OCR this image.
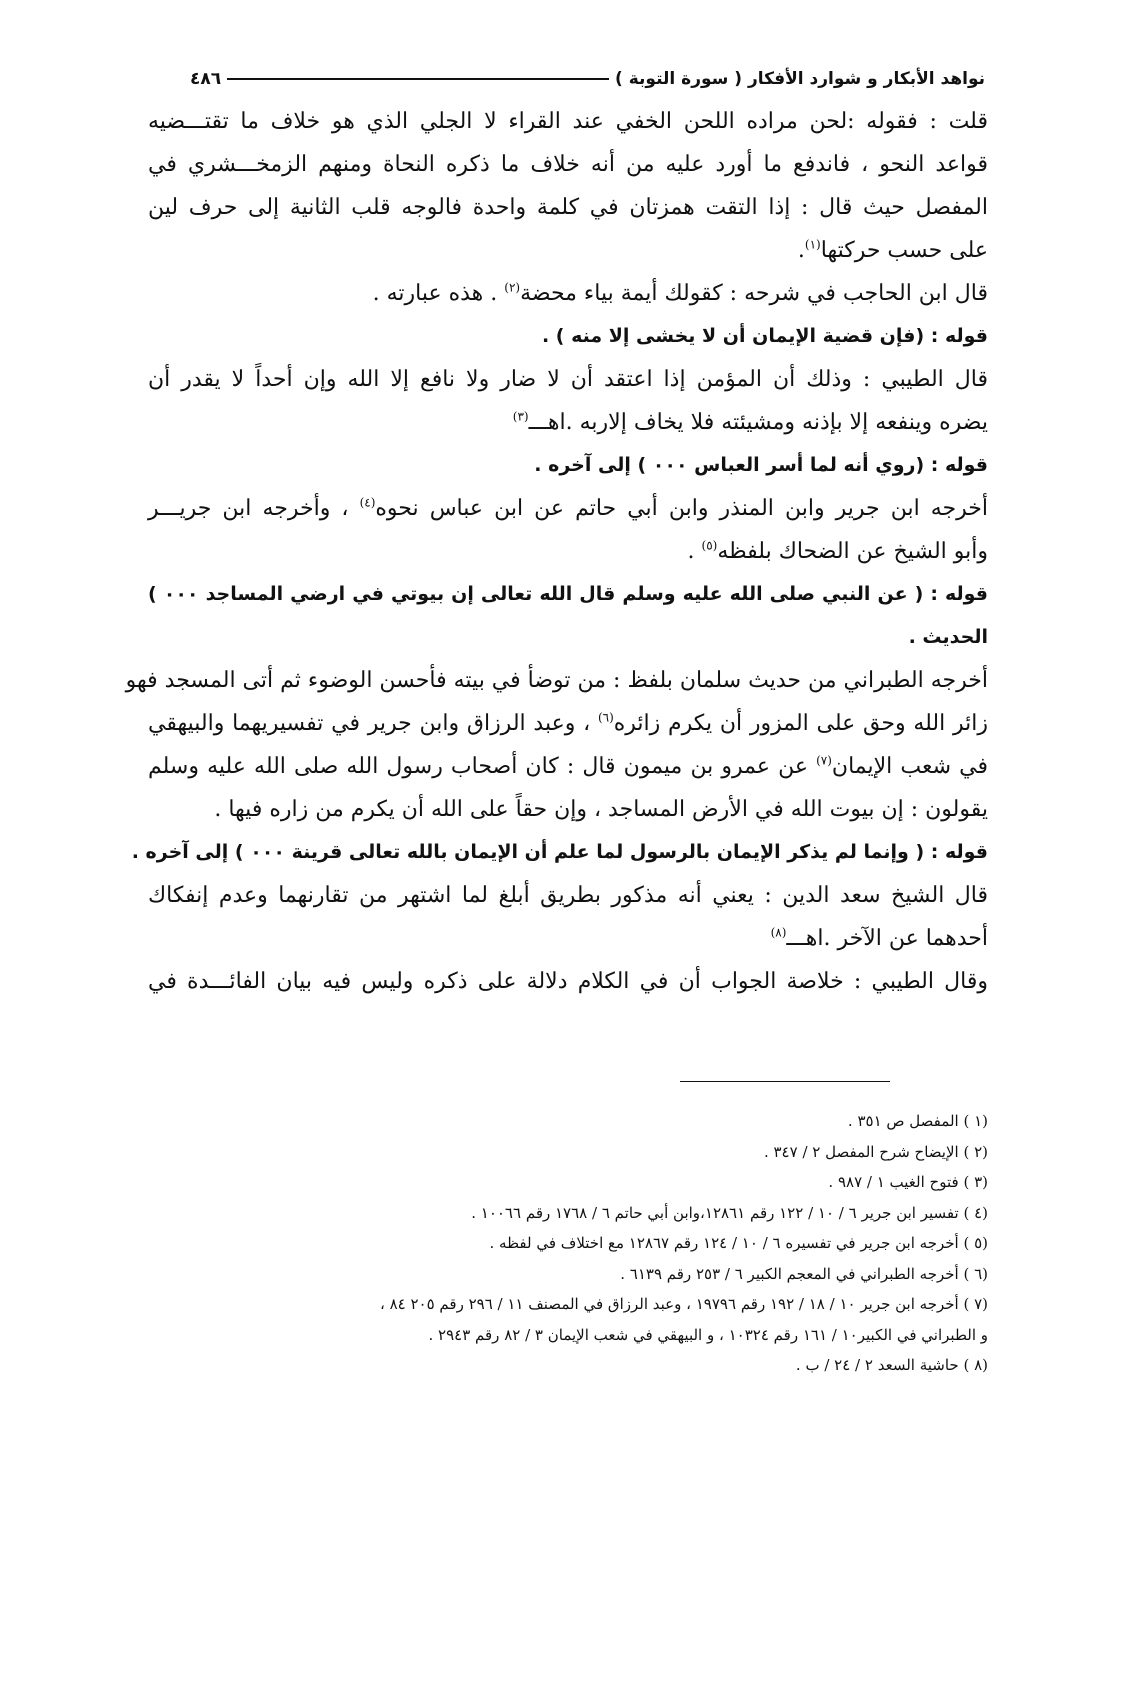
نواهد الأبكار و شوارد الأفكار ( سورة التوبة )
٤٨٦

قلت : فقوله :لحن مراده اللحن الخفي عند القراء لا الجلي الذي هو خلاف ما تقتـــضيه

قواعد النحو ، فاندفع ما أورد عليه من أنه خلاف ما ذكره النحاة ومنهم الزمخـــشري في

المفصل حيث قال : إذا التقت همزتان في كلمة واحدة فالوجه قلب الثانية إلى حرف لين

على حسب حركتها$^{(١)}$.

قال ابن الحاجب في شرحه : كقولك أيمة بياء محضة$^{(٢)}$ . هذه عبارته .

قوله : (فإن قضية الإيمان أن لا يخشى إلا منه ) .

قال الطيبي : وذلك أن المؤمن إذا اعتقد أن لا ضار ولا نافع إلا الله وإن أحداً لا يقدر أن

يضره وينفعه إلا بإذنه ومشيئته فلا يخاف إلاربه .اهـــ$^{(٣)}$

قوله : (روي أنه لما أسر العباس ٠٠٠ ) إلى آخره .

أخرجه ابن جرير وابن المنذر وابن أبي حاتم عن ابن عباس نحوه$^{(٤)}$ ، وأخرجه ابن جريـــر

وأبو الشيخ عن الضحاك بلفظه$^{(٥)}$ .

قوله : ( عن النبي صلى الله عليه وسلم قال الله تعالى إن بيوتي في ارضي المساجد ٠٠٠ )

الحديث .

أخرجه الطبراني من حديث سلمان بلفظ : من توضأ في بيته فأحسن الوضوء ثم أتى المسجد فهو

زائر الله وحق على المزور أن يكرم زائره$^{(٦)}$ ، وعبد الرزاق وابن جرير في تفسيريهما والبيهقي

في شعب الإيمان$^{(٧)}$ عن عمرو بن ميمون قال : كان أصحاب رسول الله صلى الله عليه وسلم

يقولون : إن بيوت الله في الأرض المساجد ، وإن حقاً على الله أن يكرم من زاره فيها .

قوله : ( وإنما لم يذكر الإيمان بالرسول لما علم أن الإيمان بالله تعالى قرينة ٠٠٠ ) إلى آخره .

قال الشيخ سعد الدين : يعني أنه مذكور بطريق أبلغ لما اشتهر من تقارنهما وعدم إنفكاك

أحدهما عن الآخر .اهـــ$^{(٨)}$

وقال الطيبي : خلاصة الجواب أن في الكلام دلالة على ذكره وليس فيه بيان الفائـــدة في

(١ ) المفصل ص ٣٥١ .

(٢ ) الإيضاح شرح المفصل ٢ / ٣٤٧ .

(٣ ) فتوح الغيب ١ / ٩٨٧ .

(٤ ) تفسير ابن جرير ٦ / ١٠ / ١٢٢ رقم ١٢٨٦١،وابن أبي حاتم ٦ / ١٧٦٨ رقم ١٠٠٦٦ .

(٥ ) أخرجه ابن جرير في تفسيره ٦ / ١٠ / ١٢٤ رقم ١٢٨٦٧ مع اختلاف في لفظه .

(٦ ) أخرجه الطبراني في المعجم الكبير ٦ / ٢٥٣ رقم ٦١٣٩ .

(٧ ) أخرجه ابن جرير ١٠ / ١٨ / ١٩٢ رقم ١٩٧٩٦ ، وعبد الرزاق في المصنف ١١ / ٢٩٦ رقم ٢٠٥ ٨٤ ،

و الطبراني في الكبير١٠ / ١٦١ رقم ١٠٣٢٤ ، و البيهقي في شعب الإيمان ٣ / ٨٢ رقم ٢٩٤٣ .

(٨ ) حاشية السعد ٢ / ٢٤ / ب .
